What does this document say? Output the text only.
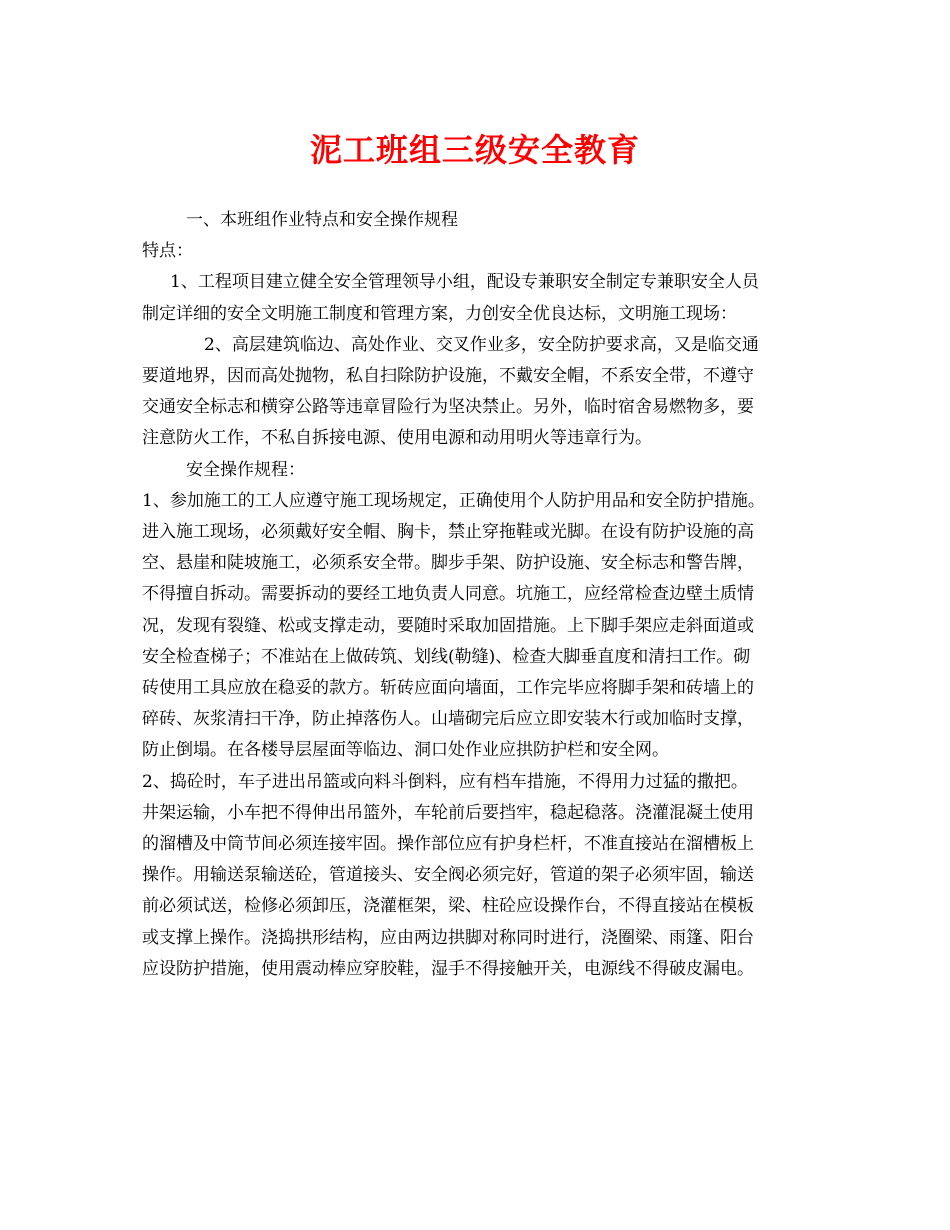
泥工班组三级安全教育

一、本班组作业特点和安全操作规程

特点：

1、工程项目建立健全安全管理领导小组，配设专兼职安全制定专兼职安全人员

制定详细的安全文明施工制度和管理方案，力创安全优良达标，文明施工现场：

2、高层建筑临边、高处作业、交叉作业多，安全防护要求高，又是临交通

要道地界，因而高处抛物，私自扫除防护设施，不戴安全帽，不系安全带，不遵守
交通安全标志和横穿公路等违章冒险行为坚决禁止。另外，临时宿舍易燃物多，要
注意防火工作，不私自拆接电源、使用电源和动用明火等违章行为。

安全操作规程：

1、参加施工的工人应遵守施工现场规定，正确使用个人防护用品和安全防护措施。
进入施工现场，必须戴好安全帽、胸卡，禁止穿拖鞋或光脚。在设有防护设施的高
空、悬崖和陡坡施工，必须系安全带。脚步手架、防护设施、安全标志和警告牌，
不得擅自拆动。需要拆动的要经工地负责人同意。坑施工，应经常检查边壁土质情
况，发现有裂缝、松或支撑走动，要随时采取加固措施。上下脚手架应走斜面道或
安全检查梯子；不准站在上做砖筑、划线(勒缝)、检查大脚垂直度和清扫工作。砌
砖使用工具应放在稳妥的款方。斩砖应面向墙面，工作完毕应将脚手架和砖墙上的
碎砖、灰浆清扫干净，防止掉落伤人。山墙砌完后应立即安装木行或加临时支撑，
防止倒塌。在各楼导层屋面等临边、洞口处作业应拱防护栏和安全网。

2、捣砼时，车子进出吊篮或向料斗倒料，应有档车措施，不得用力过猛的撒把。
井架运输，小车把不得伸出吊篮外，车轮前后要挡牢，稳起稳落。浇灌混凝土使用
的溜槽及中筒节间必须连接牢固。操作部位应有护身栏杆，不准直接站在溜槽板上
操作。用输送泵输送砼，管道接头、安全阀必须完好，管道的架子必须牢固，输送
前必须试送，检修必须卸压，浇灌框架，梁、柱砼应设操作台，不得直接站在模板
或支撑上操作。浇捣拱形结构，应由两边拱脚对称同时进行，浇圈梁、雨篷、阳台
应设防护措施，使用震动棒应穿胶鞋，湿手不得接触开关，电源线不得破皮漏电。
